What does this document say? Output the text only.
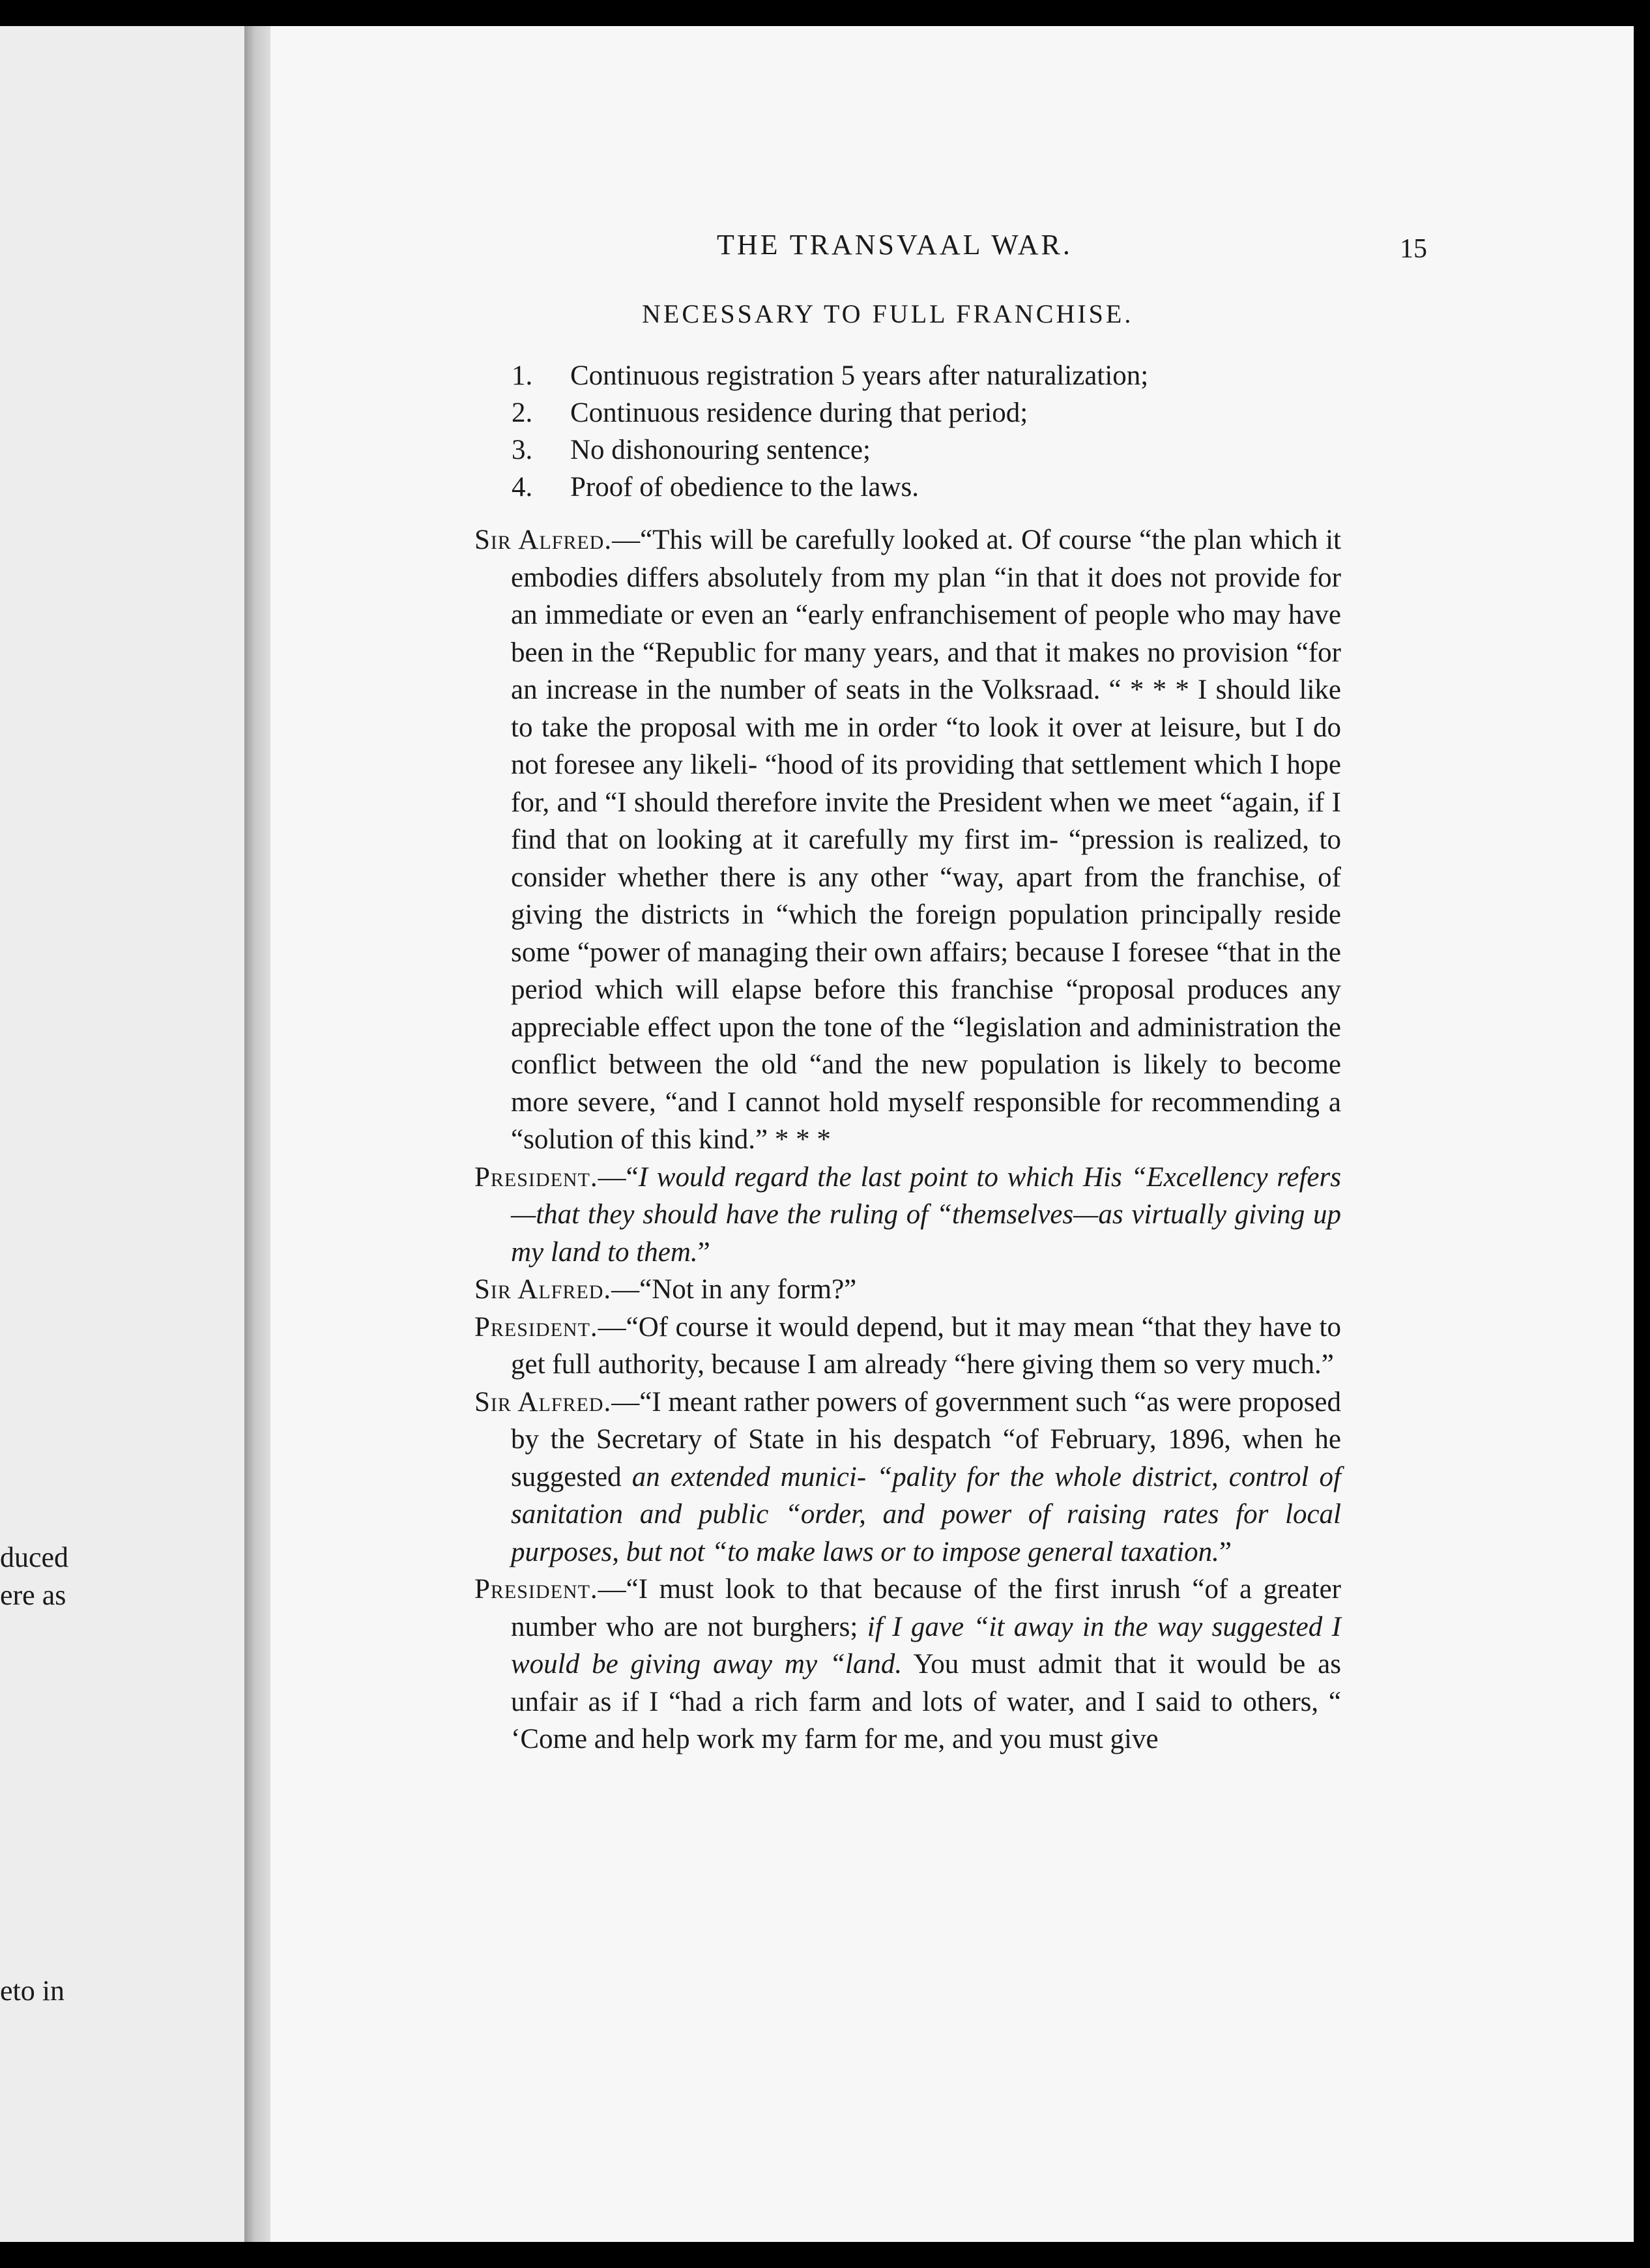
duced
ere as
eto in
THE TRANSVAAL WAR.	15
NECESSARY TO FULL FRANCHISE.
1. Continuous registration 5 years after naturalization;
2. Continuous residence during that period;
3. No dishonouring sentence;
4. Proof of obedience to the laws.

Sir Alfred.—“This will be carefully looked at. Of course “the plan which it embodies differs absolutely from my plan “in that it does not provide for an immediate or even an “early enfranchisement of people who may have been in the “Republic for many years, and that it makes no provision “for an increase in the number of seats in the Volksraad. “ * * * I should like to take the proposal with me in order “to look it over at leisure, but I do not foresee any likeli- “hood of its providing that settlement which I hope for, and “I should therefore invite the President when we meet “again, if I find that on looking at it carefully my first im- “pression is realized, to consider whether there is any other “way, apart from the franchise, of giving the districts in “which the foreign population principally reside some “power of managing their own affairs; because I foresee “that in the period which will elapse before this franchise “proposal produces any appreciable effect upon the tone of the “legislation and administration the conflict between the old “and the new population is likely to become more severe, “and I cannot hold myself responsible for recommending a “solution of this kind.” * * *

President.—“I would regard the last point to which His “Excellency refers—that they should have the ruling of “themselves—as virtually giving up my land to them.”

Sir Alfred.—“Not in any form?”

President.—“Of course it would depend, but it may mean “that they have to get full authority, because I am already “here giving them so very much.”

Sir Alfred.—“I meant rather powers of government such “as were proposed by the Secretary of State in his despatch “of February, 1896, when he suggested an extended munici- “pality for the whole district, control of sanitation and public “order, and power of raising rates for local purposes, but not “to make laws or to impose general taxation.”

President.—“I must look to that because of the first inrush “of a greater number who are not burghers; if I gave “it away in the way suggested I would be giving away my “land. You must admit that it would be as unfair as if I “had a rich farm and lots of water, and I said to others, “ ‘Come and help work my farm for me, and you must give
